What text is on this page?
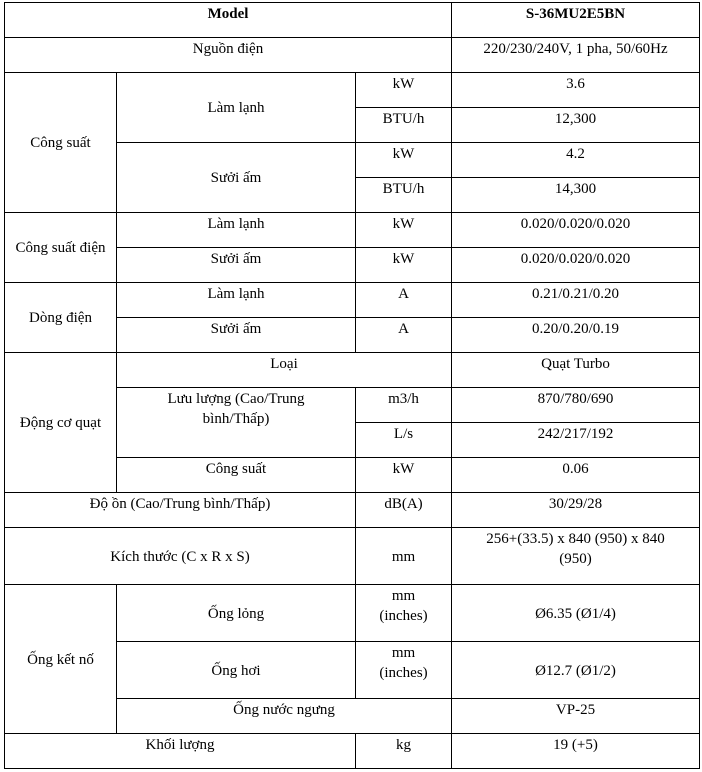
Model			S-36MU2E5BN
Nguồn điện			220/230/240V, 1 pha, 50/60Hz
Công suất	Làm lạnh	kW	3.6
		BTU/h	12,300
	Sưởi ấm	kW	4.2
		BTU/h	14,300
Công suất điện	Làm lạnh	kW	0.020/0.020/0.020
	Sưởi ấm	kW	0.020/0.020/0.020
Dòng điện	Làm lạnh	A	0.21/0.21/0.20
	Sưởi ấm	A	0.20/0.20/0.19
Động cơ quạt	Loại		Quạt Turbo
	Lưu lượng (Cao/Trung bình/Thấp)	m3/h	870/780/690
		L/s	242/217/192
	Công suất	kW	0.06
Độ ồn (Cao/Trung bình/Thấp)		dB(A)	30/29/28
Kích thước (C x R x S)		mm	256+(33.5) x 840 (950) x 840 (950)
Ống kết nố	Ống lỏng	mm (inches)	Ø6.35 (Ø1/4)
	Ống hơi	mm (inches)	Ø12.7 (Ø1/2)
	Ống nước ngưng		VP-25
Khối lượng		kg	19 (+5)
